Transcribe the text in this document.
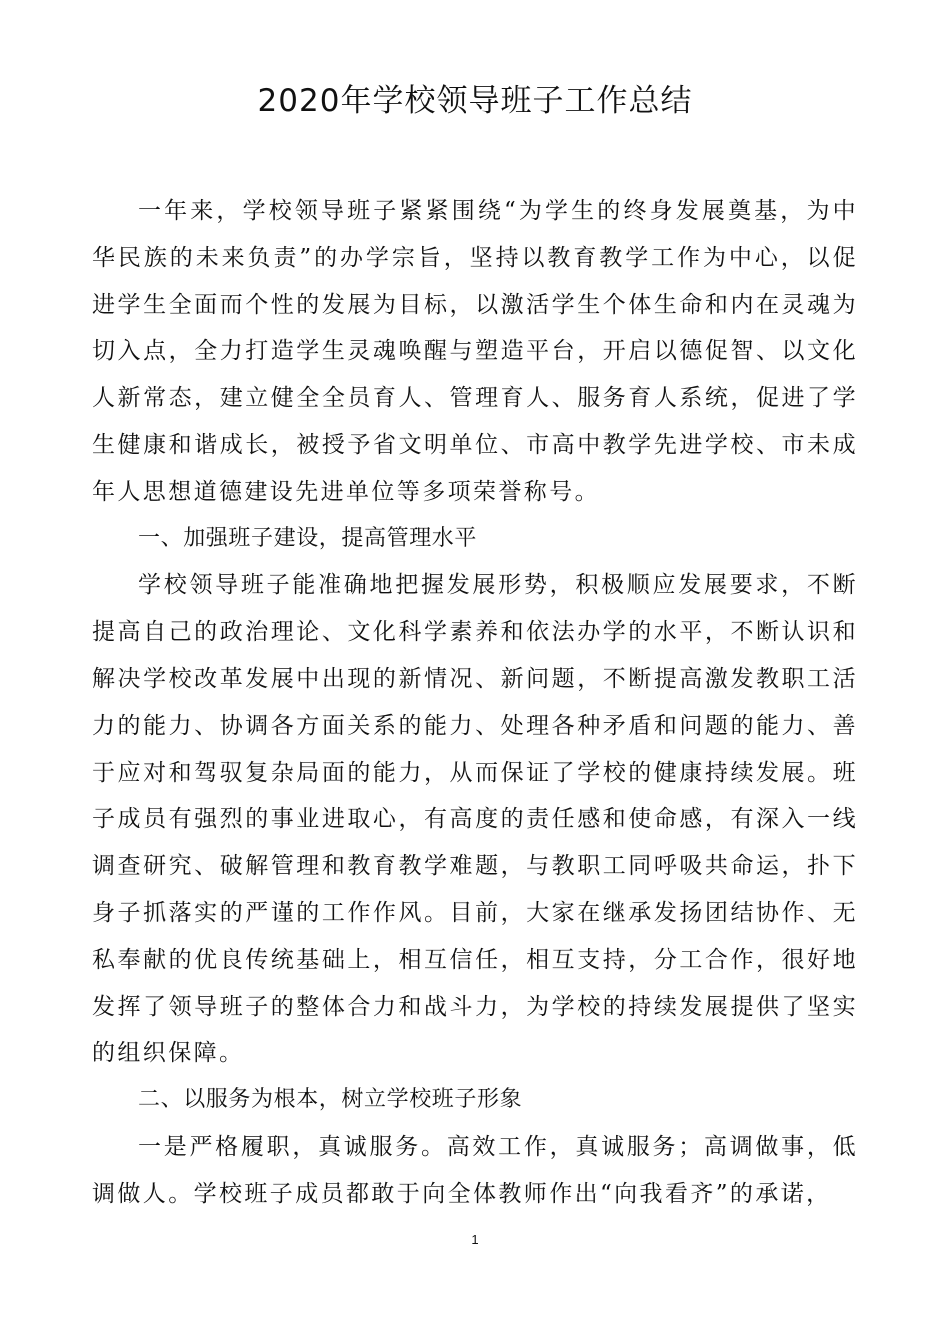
2020年学校领导班子工作总结

一年来，学校领导班子紧紧围绕“为学生的终身发展奠基，为中华民族的未来负责”的办学宗旨，坚持以教育教学工作为中心，以促进学生全面而个性的发展为目标，以激活学生个体生命和内在灵魂为切入点，全力打造学生灵魂唤醒与塑造平台，开启以德促智、以文化人新常态，建立健全全员育人、管理育人、服务育人系统，促进了学生健康和谐成长，被授予省文明单位、市高中教学先进学校、市未成年人思想道德建设先进单位等多项荣誉称号。

一、加强班子建设，提高管理水平

学校领导班子能准确地把握发展形势，积极顺应发展要求，不断提高自己的政治理论、文化科学素养和依法办学的水平，不断认识和解决学校改革发展中出现的新情况、新问题，不断提高激发教职工活力的能力、协调各方面关系的能力、处理各种矛盾和问题的能力、善于应对和驾驭复杂局面的能力，从而保证了学校的健康持续发展。班子成员有强烈的事业进取心，有高度的责任感和使命感，有深入一线调查研究、破解管理和教育教学难题，与教职工同呼吸共命运，扑下身子抓落实的严谨的工作作风。目前，大家在继承发扬团结协作、无私奉献的优良传统基础上，相互信任，相互支持，分工合作，很好地发挥了领导班子的整体合力和战斗力，为学校的持续发展提供了坚实的组织保障。

二、以服务为根本，树立学校班子形象

一是严格履职，真诚服务。高效工作，真诚服务；高调做事，低调做人。学校班子成员都敢于向全体教师作出“向我看齐”的承诺，

1
